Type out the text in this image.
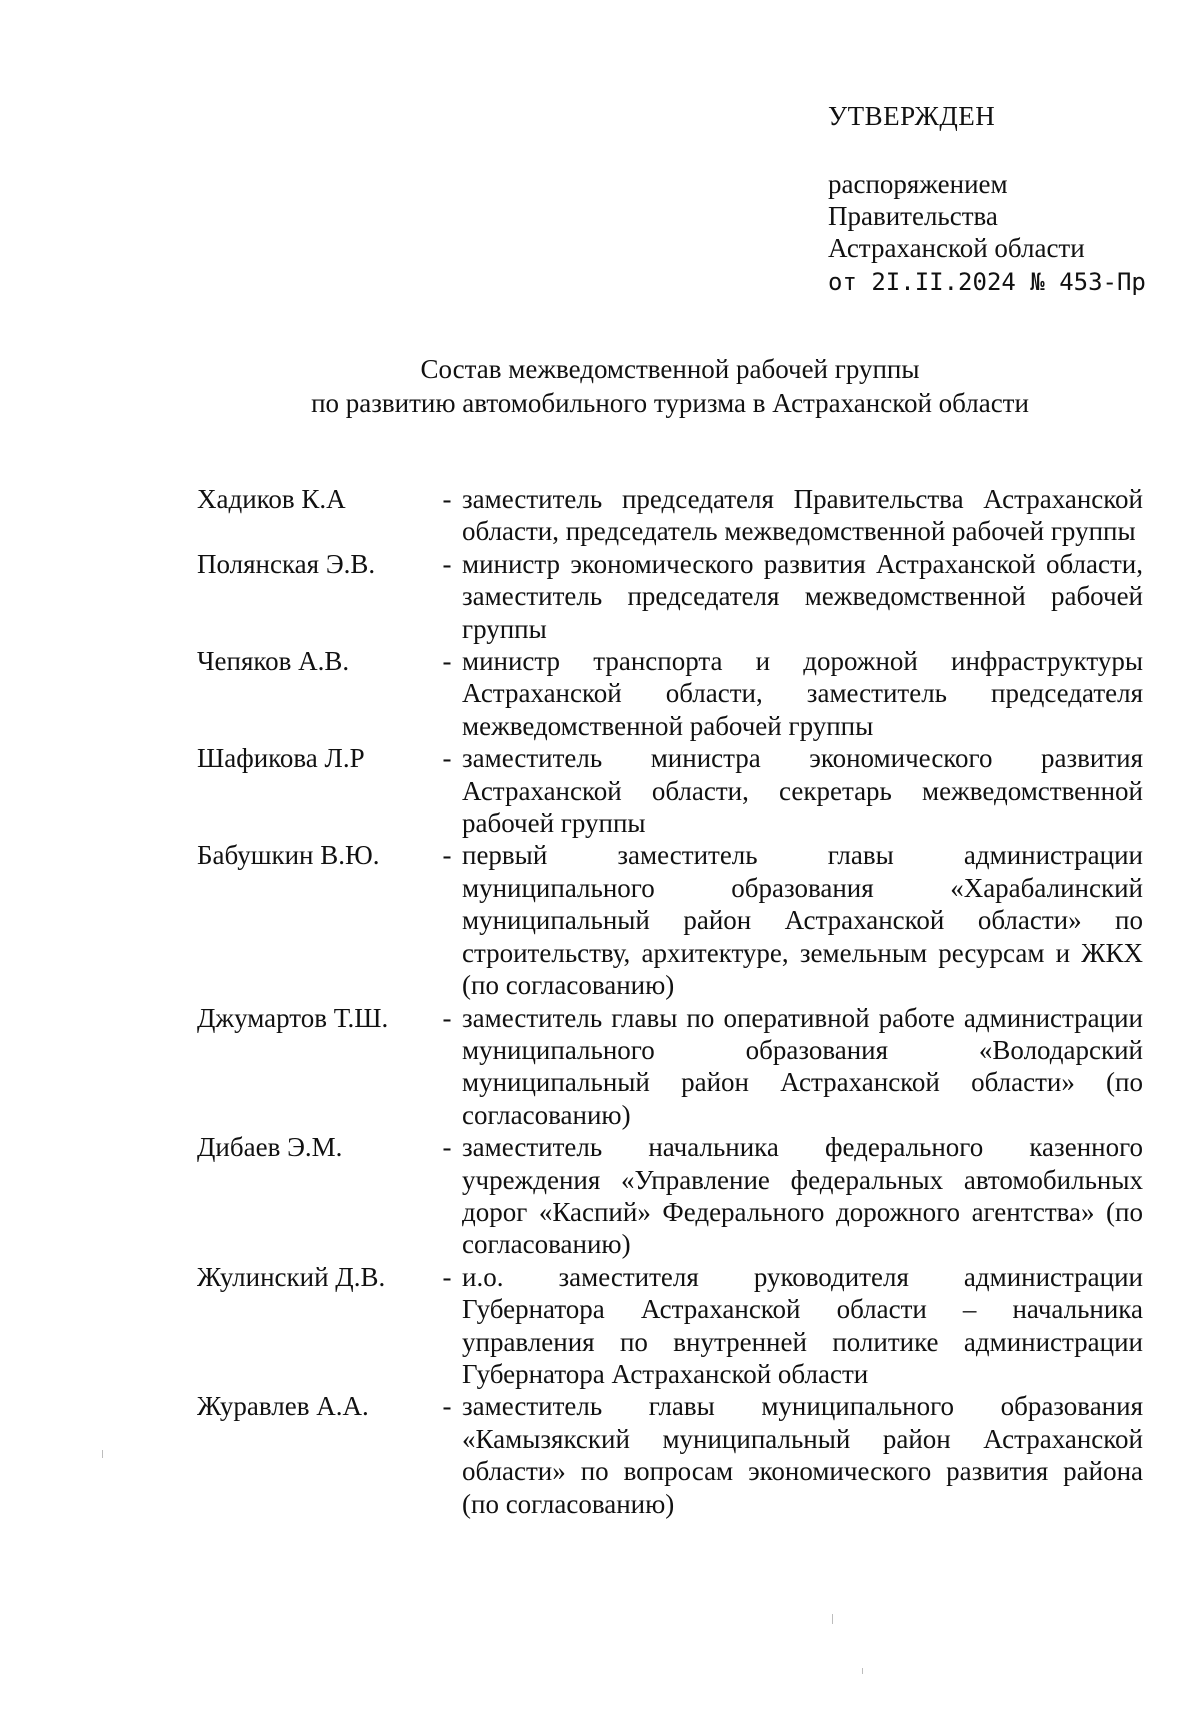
УТВЕРЖДЕН
распоряжением
Правительства
Астраханской области
от 2I.II.2024 № 453-Пр
Состав межведомственной рабочей группы
по развитию автомобильного туризма в Астраханской области
Хадиков К.А	- заместитель председателя Правительства Астраханской области, председатель межведомственной рабочей группы
Полянская Э.В.	- министр экономического развития Астраханской области, заместитель председателя межведомственной рабочей группы
Чепяков А.В.	- министр транспорта и дорожной инфраструктуры Астраханской области, заместитель председателя межведомственной рабочей группы
Шафикова Л.Р	- заместитель министра экономического развития Астраханской области, секретарь межведомственной рабочей группы
Бабушкин В.Ю.	- первый заместитель главы администрации муниципального образования «Харабалинский муниципальный район Астраханской области» по строительству, архитектуре, земельным ресурсам и ЖКХ (по согласованию)
Джумартов Т.Ш.	- заместитель главы по оперативной работе администрации муниципального образования «Володарский муниципальный район Астраханской области» (по согласованию)
Дибаев Э.М.	- заместитель начальника федерального казенного учреждения «Управление федеральных автомобильных дорог «Каспий» Федерального дорожного агентства» (по согласованию)
Жулинский Д.В.	- и.о. заместителя руководителя администрации Губернатора Астраханской области – начальника управления по внутренней политике администрации Губернатора Астраханской области
Журавлев А.А.	- заместитель главы муниципального образования «Камызякский муниципальный район Астраханской области» по вопросам экономического развития района (по согласованию)
